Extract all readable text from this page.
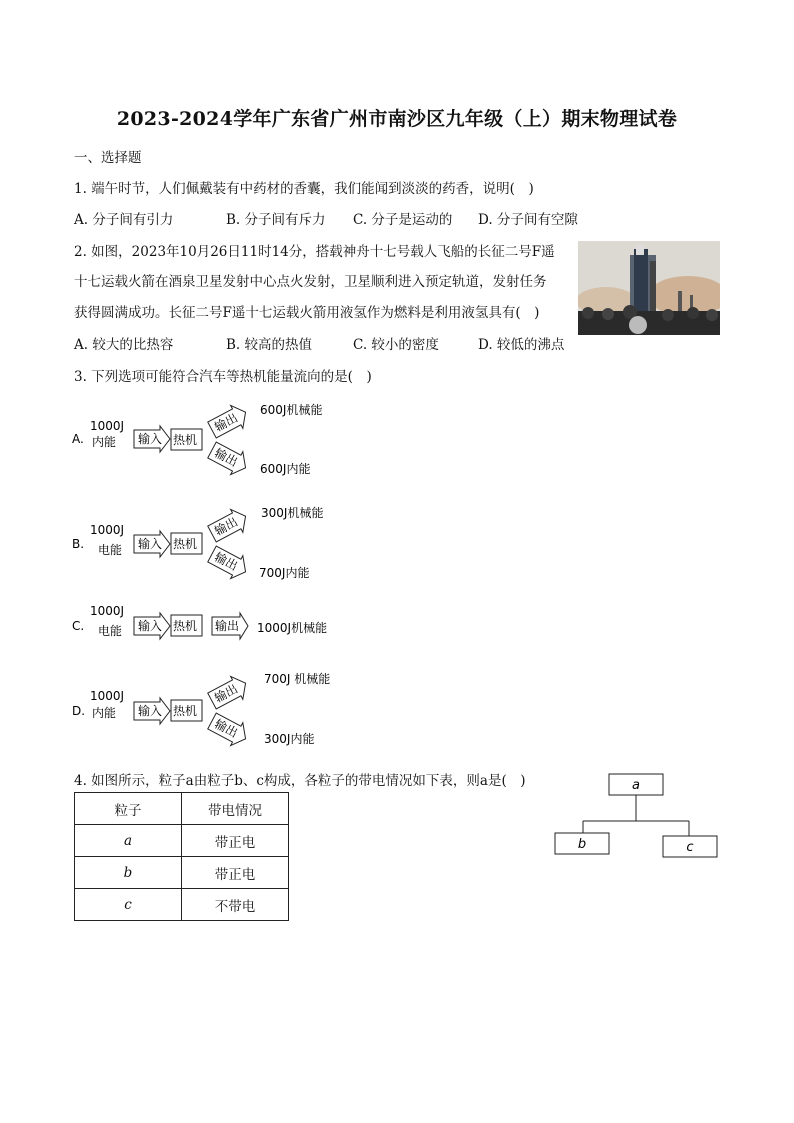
2023-2024学年广东省广州市南沙区九年级（上）期末物理试卷
一、选择题
1. 端午时节，人们佩戴装有中药材的香囊，我们能闻到淡淡的药香，说明(　)
A. 分子间有引力	B. 分子间有斥力 C. 分子是运动的 D. 分子间有空隙
2. 如图，2023年10月26日11时14分，搭载神舟十七号载人飞船的长征二号F遥
十七运载火箭在酒泉卫星发射中心点火发射，卫星顺利进入预定轨道，发射任务
获得圆满成功。长征二号F遥十七运载火箭用液氢作为燃料是利用液氢具有(　)
A. 较大的比热容	B. 较高的热值	C. 较小的密度	D. 较低的沸点
3. 下列选项可能符合汽车等热机能量流向的是(　)
A.
1000J
内能 输入 热机
输出
输出
600J机械能
600J内能
B.
1000J
电能 输入 热机
输出
输出
300J机械能
700J内能
C.
1000J
电能 输入 热机 输出 1000J机械能
D.
1000J
内能 输入 热机
输出
输出
700J 机械能
300J内能
4. 如图所示，粒子a由粒子b、c构成，各粒子的带电情况如下表，则a是(　)
粒子	带电情况
a	带正电
b	带正电
c	不带电
a
b	c
